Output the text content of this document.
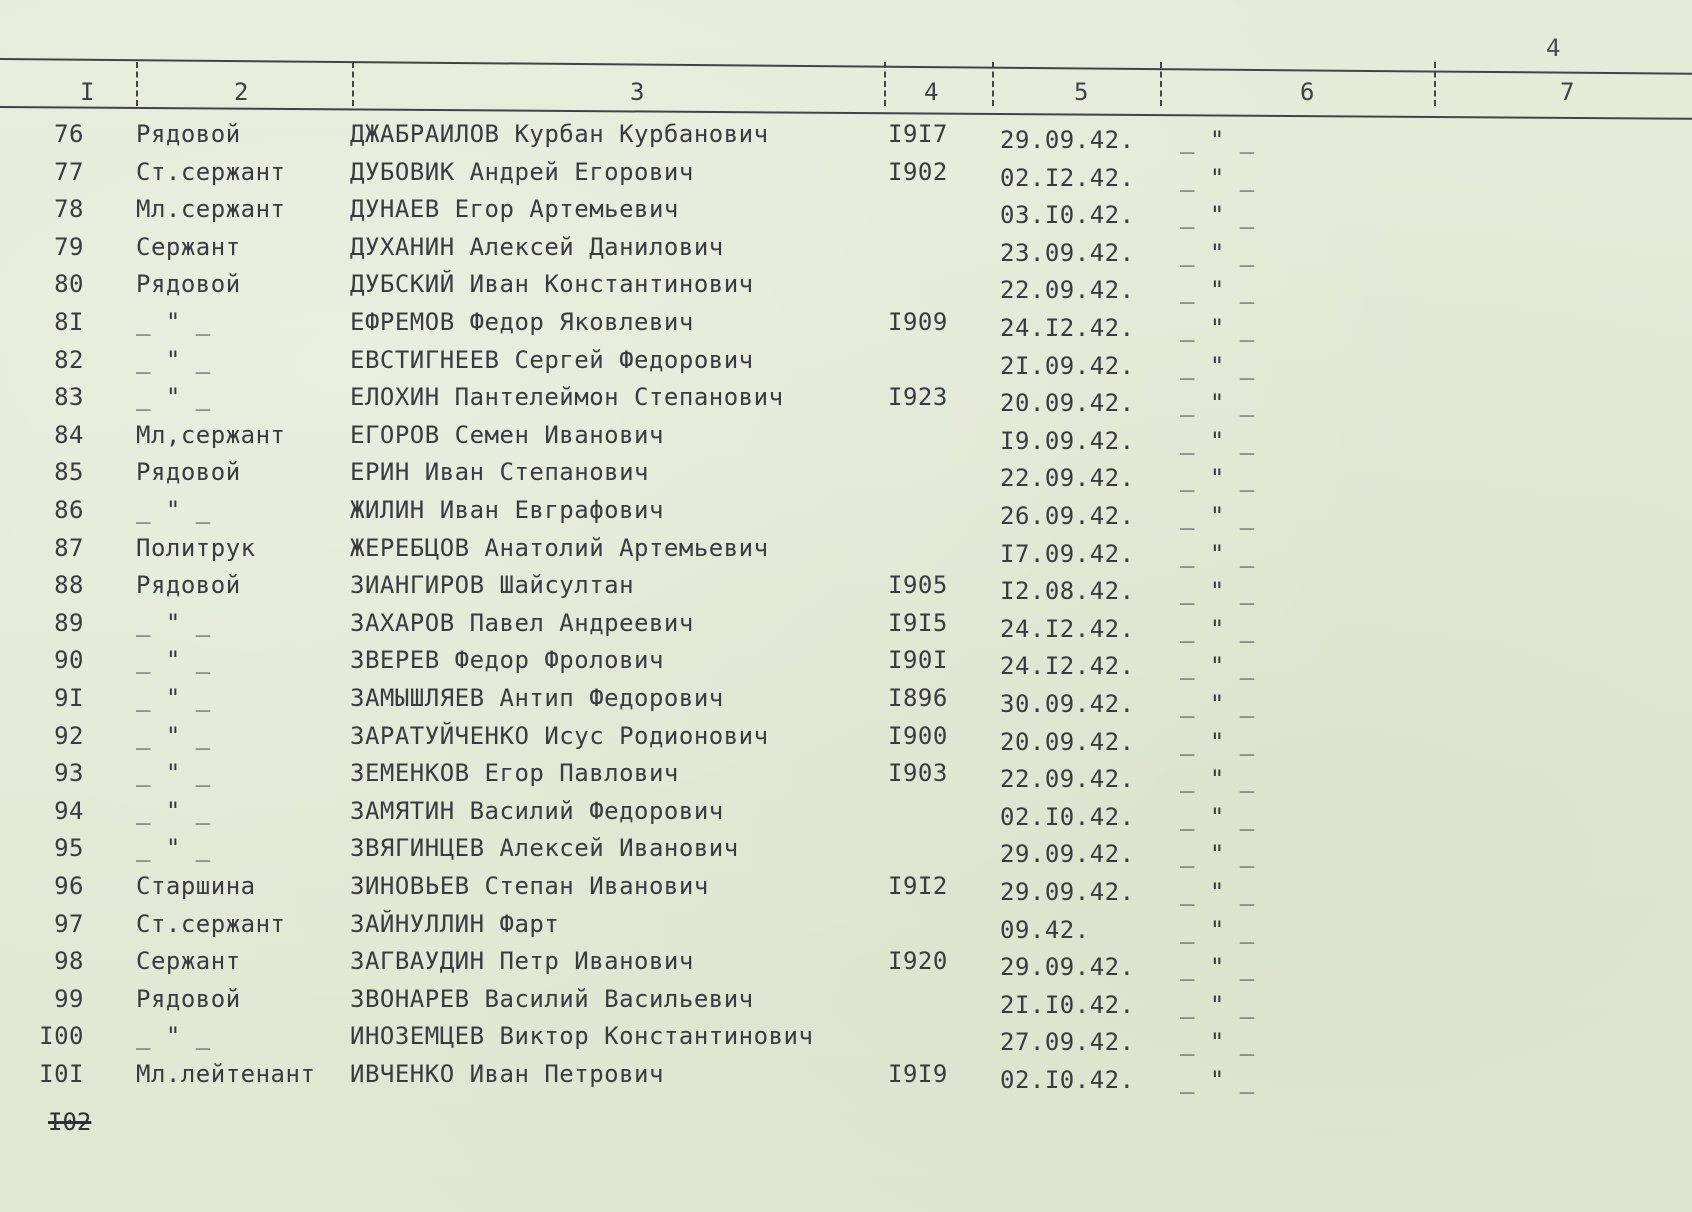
4
I	2	3	4	5	6	7
76 Рядовой	ДЖАБРАИЛОВ Курбан Курбанович	I9I7 29.09.42. _ " _
77 Ст.сержант	ДУБОВИК Андрей Егорович	I902 02.I2.42. _ " _
78 Мл.сержант	ДУНАЕВ Егор Артемьевич	03.I0.42. _ " _
79 Сержант	ДУХАНИН Алексей Данилович	23.09.42. _ " _
80 Рядовой	ДУБСКИЙ Иван Константинович	22.09.42. _ " _
8I _ " _	ЕФРЕМОВ Федор Яковлевич	I909 24.I2.42. _ " _
82 _ " _	ЕВСТИГНЕЕВ Сергей Федорович	2I.09.42. _ " _
83 _ " _	ЕЛОХИН Пантелеймон Степанович	I923 20.09.42. _ " _
84 Мл,сержант	ЕГОРОВ Семен Иванович	I9.09.42. _ " _
85 Рядовой	ЕРИН Иван Степанович	22.09.42. _ " _
86 _ " _	ЖИЛИН Иван Евграфович	26.09.42. _ " _
87 Политрук	ЖЕРЕБЦОВ Анатолий Артемьевич	I7.09.42. _ " _
88 Рядовой	ЗИАНГИРОВ Шайсултан	I905 I2.08.42. _ " _
89 _ " _	ЗАХАРОВ Павел Андреевич	I9I5 24.I2.42. _ " _
90 _ " _	ЗВЕРЕВ Федор Фролович	I90I 24.I2.42. _ " _
9I _ " _	ЗАМЫШЛЯЕВ Антип Федорович	I896 30.09.42. _ " _
92 _ " _	ЗАРАТУЙЧЕНКО Исус Родионович	I900 20.09.42. _ " _
93 _ " _	ЗЕМЕНКОВ Егор Павлович	I903 22.09.42. _ " _
94 _ " _	ЗАМЯТИН Василий Федорович	02.I0.42. _ " _
95 _ " _	ЗВЯГИНЦЕВ Алексей Иванович	29.09.42. _ " _
96 Старшина	ЗИНОВЬЕВ Степан Иванович	I9I2 29.09.42. _ " _
97 Ст.сержант	ЗАЙНУЛЛИН Фарт	09.42.	_ " _
98 Сержант	ЗАГВАУДИН Петр Иванович	I920 29.09.42. _ " _
99 Рядовой	ЗВОНАРЕВ Василий Васильевич	2I.I0.42. _ " _
I00 _ " _	ИНОЗЕМЦЕВ Виктор Константинович	27.09.42. _ " _
I0I Мл.лейтенант ИВЧЕНКО Иван Петрович	I9I9 02.I0.42. _ " _
I02
